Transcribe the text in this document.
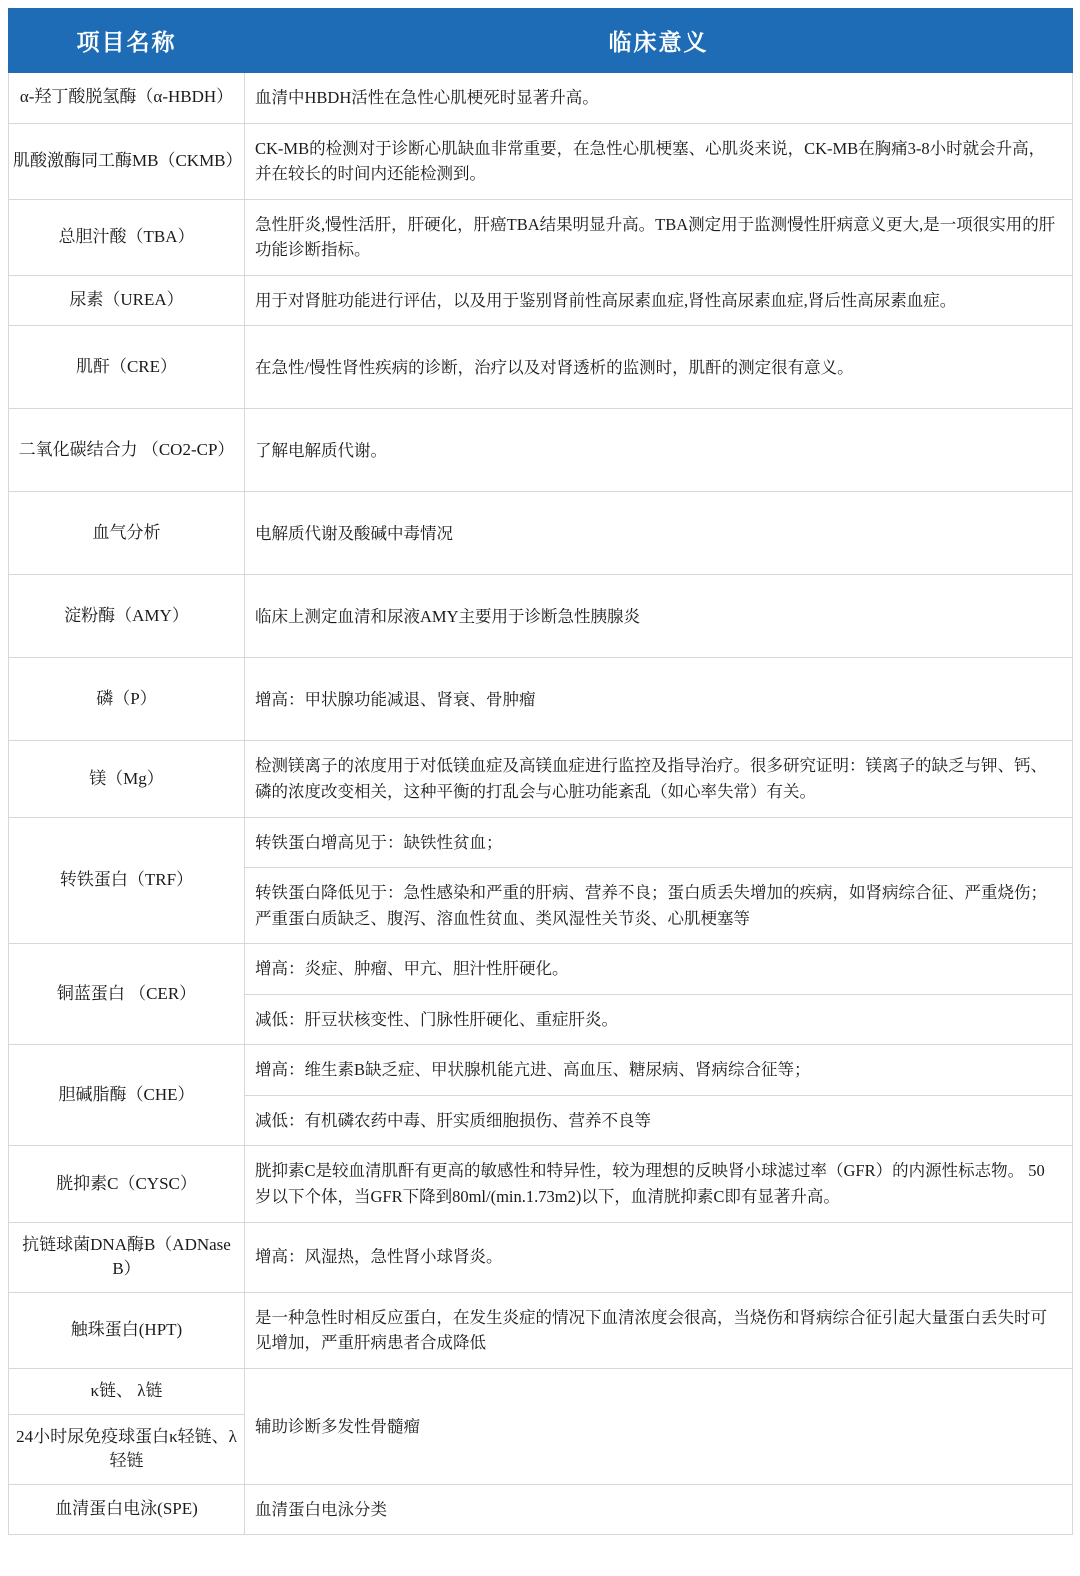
项目名称	临床意义
α-羟丁酸脱氢酶（α-HBDH）	血清中HBDH活性在急性心肌梗死时显著升高。
肌酸激酶同工酶MB（CKMB）	CK-MB的检测对于诊断心肌缺血非常重要，在急性心肌梗塞、心肌炎来说，CK-MB在胸痛3-8小时就会升高，并在较长的时间内还能检测到。
总胆汁酸（TBA）	急性肝炎,慢性活肝，肝硬化，肝癌TBA结果明显升高。TBA测定用于监测慢性肝病意义更大,是一项很实用的肝功能诊断指标。
尿素（UREA）	用于对肾脏功能进行评估，以及用于鉴别肾前性高尿素血症,肾性高尿素血症,肾后性高尿素血症。
肌酐（CRE）	在急性/慢性肾性疾病的诊断，治疗以及对肾透析的监测时，肌酐的测定很有意义。
二氧化碳结合力 （CO2-CP）	了解电解质代谢。
血气分析	电解质代谢及酸碱中毒情况
淀粉酶（AMY）	临床上测定血清和尿液AMY主要用于诊断急性胰腺炎
磷（P）	增高：甲状腺功能减退、肾衰、骨肿瘤
镁（Mg）	检测镁离子的浓度用于对低镁血症及高镁血症进行监控及指导治疗。很多研究证明：镁离子的缺乏与钾、钙、磷的浓度改变相关，这种平衡的打乱会与心脏功能紊乱（如心率失常）有关。
转铁蛋白（TRF）	转铁蛋白增高见于：缺铁性贫血；
	转铁蛋白降低见于：急性感染和严重的肝病、营养不良；蛋白质丢失增加的疾病，如肾病综合征、严重烧伤；严重蛋白质缺乏、腹泻、溶血性贫血、类风湿性关节炎、心肌梗塞等
铜蓝蛋白 （CER）	增高：炎症、肿瘤、甲亢、胆汁性肝硬化。
	减低：肝豆状核变性、门脉性肝硬化、重症肝炎。
胆碱脂酶（CHE）	增高：维生素B缺乏症、甲状腺机能亢进、高血压、糖尿病、肾病综合征等；
	减低：有机磷农药中毒、肝实质细胞损伤、营养不良等
胱抑素C（CYSC）	胱抑素C是较血清肌酐有更高的敏感性和特异性，较为理想的反映肾小球滤过率（GFR）的内源性标志物。 50岁以下个体，当GFR下降到80ml/(min.1.73m2)以下，血清胱抑素C即有显著升高。
抗链球菌DNA酶B（ADNase B）	增高：风湿热，急性肾小球肾炎。
触珠蛋白(HPT)	是一种急性时相反应蛋白，在发生炎症的情况下血清浓度会很高，当烧伤和肾病综合征引起大量蛋白丢失时可见增加，严重肝病患者合成降低
κ链、 λ链	辅助诊断多发性骨髓瘤
24小时尿免疫球蛋白κ轻链、λ轻链	
血清蛋白电泳(SPE)	血清蛋白电泳分类
